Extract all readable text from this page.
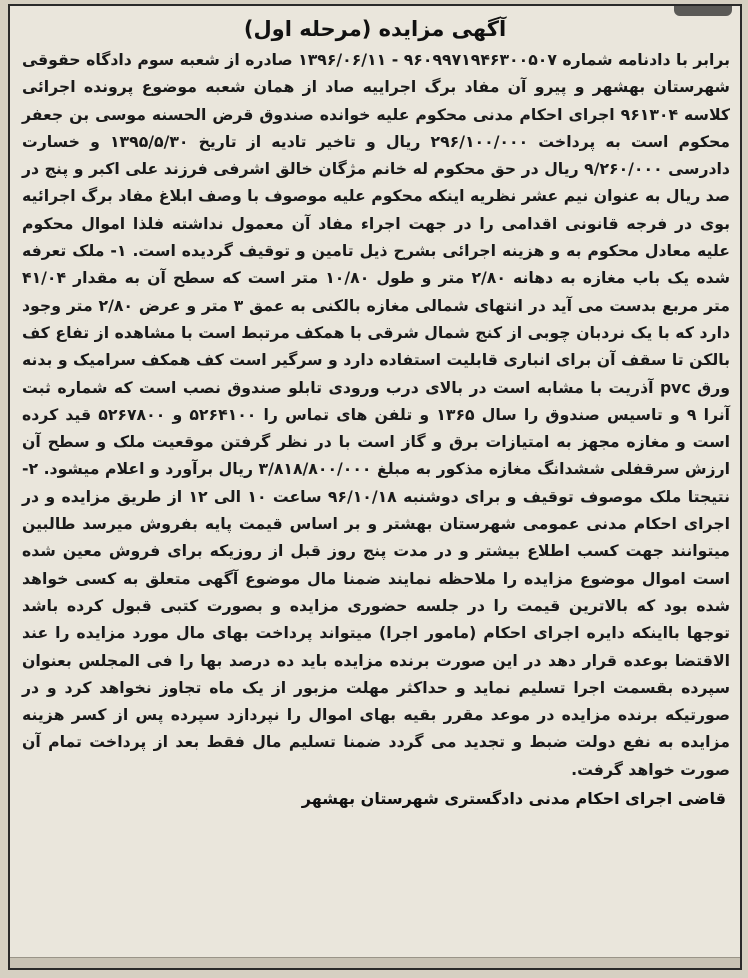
آگهی مزایده (مرحله اول)

برابر با دادنامه شماره ۹۶۰۹۹۷۱۹۴۶۳۰۰۵۰۷ - ۱۳۹۶/۰۶/۱۱ صادره از شعبه سوم دادگاه حقوقی شهرستان بهشهر و پیرو آن مفاد برگ اجراییه صاد از همان شعبه موضوع پرونده اجرائی کلاسه ۹۶۱۳۰۴ اجرای احکام مدنی محکوم علیه خوانده صندوق قرض الحسنه موسی بن جعفر محکوم است به پرداخت ۲۹۶/۱۰۰/۰۰۰ ریال و تاخیر تادیه از تاریخ ۱۳۹۵/۵/۳۰ و خسارت دادرسی ۹/۲۶۰/۰۰۰ ریال در حق محکوم له خانم مژگان خالق اشرفی فرزند علی اکبر و پنج در صد ریال به عنوان نیم عشر نظریه اینکه محکوم علیه موصوف با وصف ابلاغ مفاد برگ اجرائیه بوی در فرجه قانونی اقدامی را در جهت اجراء مفاد آن معمول نداشته فلذا اموال محکوم علیه معادل محکوم به و هزینه اجرائی بشرح ذیل تامین و توقیف گردیده است. ۱- ملک تعرفه شده یک باب مغازه به دهانه ۲/۸۰ متر و طول ۱۰/۸۰ متر است که سطح آن به مقدار ۴۱/۰۴ متر مربع بدست می آید در انتهای شمالی مغازه بالکنی به عمق ۳ متر و عرض ۲/۸۰ متر وجود دارد که با یک نردبان چوبی از کنج شمال شرقی با همکف مرتبط است با مشاهده از تفاع کف بالکن تا سقف آن برای انباری قابلیت استفاده دارد و سرگیر است کف همکف سرامیک و بدنه ورق pvc آذریت با مشابه است در بالای درب ورودی تابلو صندوق نصب است که شماره ثبت آنرا ۹ و تاسیس صندوق را سال ۱۳۶۵ و تلفن های تماس را ۵۲۶۴۱۰۰ و ۵۲۶۷۸۰۰ قید کرده است و مغازه مجهز به امتیازات برق و گاز است با در نظر گرفتن موقعیت ملک و سطح آن ارزش سرقفلی ششدانگ مغازه مذکور به مبلغ ۳/۸۱۸/۸۰۰/۰۰۰ ریال برآورد و اعلام میشود. ۲- نتیجتا ملک موصوف توقیف و برای دوشنبه ۹۶/۱۰/۱۸ ساعت ۱۰ الی ۱۲ از طریق مزایده و در اجرای احکام مدنی عمومی شهرستان بهشتر و بر اساس قیمت پایه بفروش میرسد طالبین میتوانند جهت کسب اطلاع بیشتر و در مدت پنج روز قبل از روزیکه برای فروش معین شده است اموال موضوع مزایده را ملاحظه نمایند ضمنا مال موضوع آگهی متعلق به کسی خواهد شده بود که بالاترین قیمت را در جلسه حضوری مزایده و بصورت کتبی قبول کرده باشد توجها بااینکه دایره اجرای احکام (مامور اجرا) میتواند پرداخت بهای مال مورد مزایده را عند الاقتضا بوعده قرار دهد در این صورت برنده مزایده باید ده درصد بها را فی المجلس بعنوان سپرده بقسمت اجرا تسلیم نماید و حداکثر مهلت مزبور از یک ماه تجاوز نخواهد کرد و در صورتیکه برنده مزایده در موعد مقرر بقیه بهای اموال را نپردازد سپرده پس از کسر هزینه مزایده به نفع دولت ضبط و تجدید می گردد ضمنا تسلیم مال فقط بعد از پرداخت تمام آن صورت خواهد گرفت.

قاضی اجرای احکام مدنی دادگستری شهرستان بهشهر
